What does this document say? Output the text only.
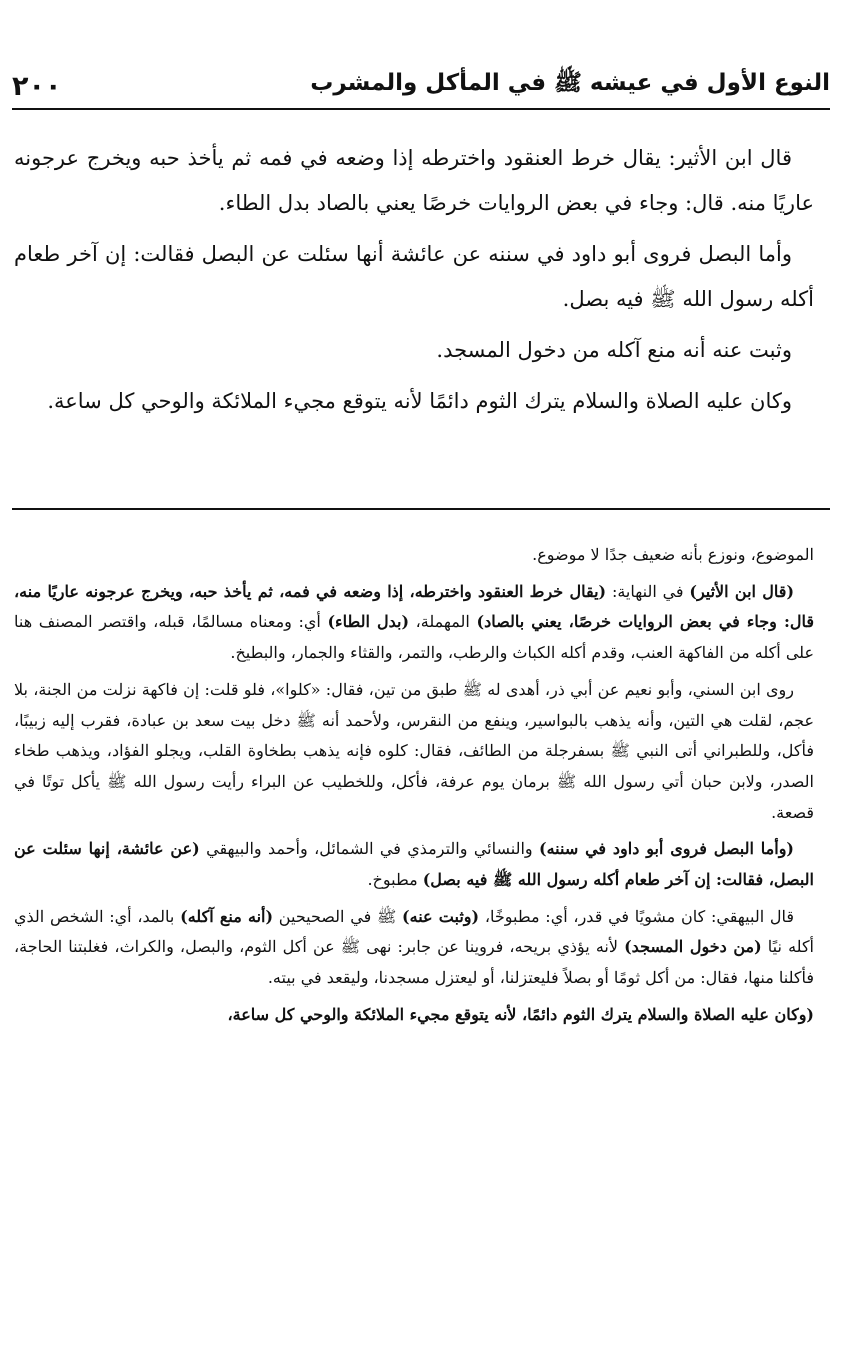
النوع الأول في عيشه ﷺ في المأكل والمشرب
٢٠٠

قال ابن الأثير: يقال خرط العنقود واخترطه إذا وضعه في فمه ثم يأخذ حبه ويخرج عرجونه عاريًا منه. قال: وجاء في بعض الروايات خرصًا يعني بالصاد بدل الطاء.

وأما البصل فروى أبو داود في سننه عن عائشة أنها سئلت عن البصل فقالت: إن آخر طعام أكله رسول الله ﷺ فيه بصل.

وثبت عنه أنه منع آكله من دخول المسجد.

وكان عليه الصلاة والسلام يترك الثوم دائمًا لأنه يتوقع مجيء الملائكة والوحي كل ساعة.

الموضوع، ونوزع بأنه ضعيف جدًا لا موضوع.

(قال ابن الأثير) في النهاية: (يقال خرط العنقود واخترطه، إذا وضعه في فمه، ثم يأخذ حبه، ويخرج عرجونه عاريًا منه، قال: وجاء في بعض الروايات خرصًا، يعني بالصاد) المهملة، (بدل الطاء) أي: ومعناه مسالمًا، قبله، واقتصر المصنف هنا على أكله من الفاكهة العنب، وقدم أكله الكباث والرطب، والتمر، والقثاء والجمار، والبطيخ.

روى ابن السني، وأبو نعيم عن أبي ذر، أهدى له ﷺ طبق من تين، فقال: «كلوا»، فلو قلت: إن فاكهة نزلت من الجنة، بلا عجم، لقلت هي التين، وأنه يذهب بالبواسير، وينفع من النقرس، ولأحمد أنه ﷺ دخل بيت سعد بن عبادة، فقرب إليه زبيبًا، فأكل، وللطبراني أتى النبي ﷺ بسفرجلة من الطائف، فقال: كلوه فإنه يذهب بطخاوة القلب، ويجلو الفؤاد، ويذهب طخاء الصدر، ولابن حبان أتي رسول الله ﷺ برمان يوم عرفة، فأكل، وللخطيب عن البراء رأيت رسول الله ﷺ يأكل توتًا في قصعة.

(وأما البصل فروى أبو داود في سننه) والنسائي والترمذي في الشمائل، وأحمد والبيهقي (عن عائشة، إنها سئلت عن البصل، فقالت: إن آخر طعام أكله رسول الله ﷺ فيه بصل) مطبوخ.

قال البيهقي: كان مشويًا في قدر، أي: مطبوخًا، (وثبت عنه) ﷺ في الصحيحين (أنه منع آكله) بالمد، أي: الشخص الذي أكله نيًا (من دخول المسجد) لأنه يؤذي بريحه، فروينا عن جابر: نهى ﷺ عن أكل الثوم، والبصل، والكراث، فغلبتنا الحاجة، فأكلنا منها، فقال: من أكل ثومًا أو بصلاً فليعتزلنا، أو ليعتزل مسجدنا، وليقعد في بيته.

(وكان عليه الصلاة والسلام يترك الثوم دائمًا، لأنه يتوقع مجيء الملائكة والوحي كل ساعة،
